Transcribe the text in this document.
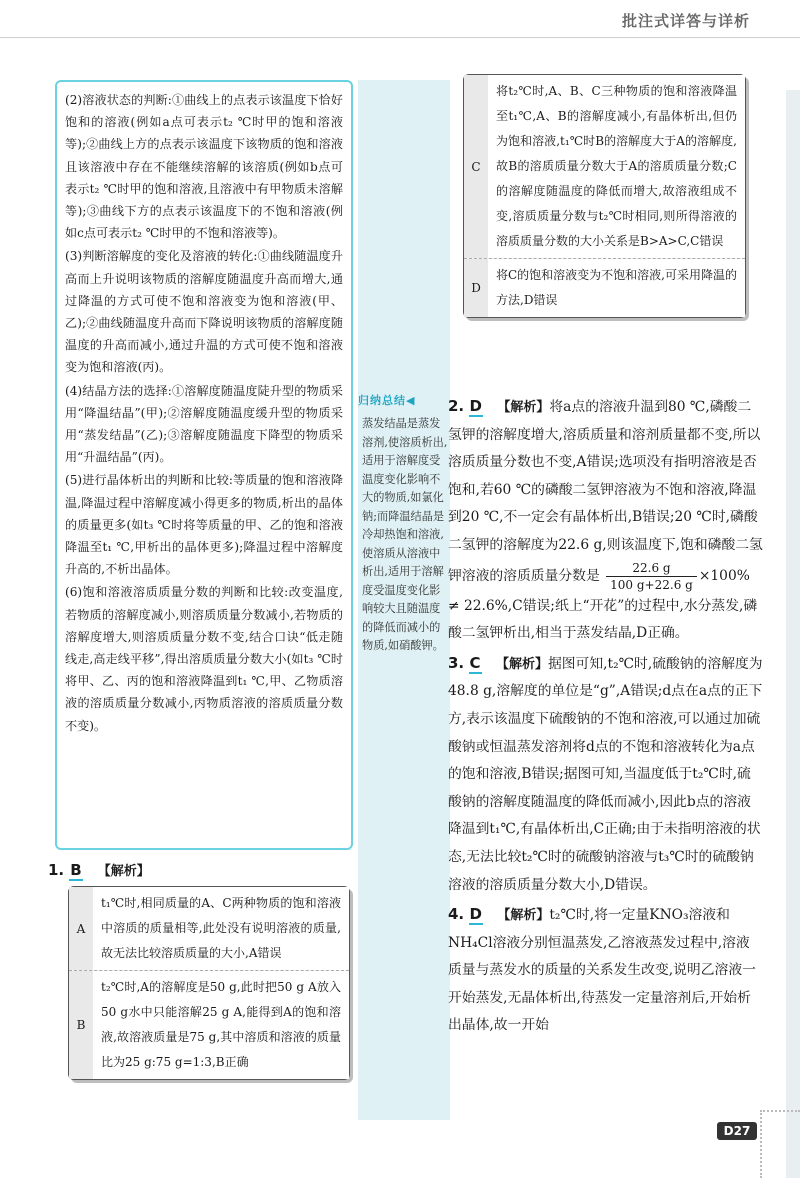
批注式详答与详析

(2)溶液状态的判断:①曲线上的点表示该温度下恰好饱和的溶液(例如a点可表示t₂ ℃时甲的饱和溶液等);②曲线上方的点表示该温度下该物质的饱和溶液且该溶液中存在不能继续溶解的该溶质(例如b点可表示t₂ ℃时甲的饱和溶液,且溶液中有甲物质未溶解等);③曲线下方的点表示该温度下的不饱和溶液(例如c点可表示t₂ ℃时甲的不饱和溶液等)。

(3)判断溶解度的变化及溶液的转化:①曲线随温度升高而上升说明该物质的溶解度随温度升高而增大,通过降温的方式可使不饱和溶液变为饱和溶液(甲、乙);②曲线随温度升高而下降说明该物质的溶解度随温度的升高而减小,通过升温的方式可使不饱和溶液变为饱和溶液(丙)。

(4)结晶方法的选择:①溶解度随温度陡升型的物质采用“降温结晶”(甲);②溶解度随温度缓升型的物质采用“蒸发结晶”(乙);③溶解度随温度下降型的物质采用“升温结晶”(丙)。

(5)进行晶体析出的判断和比较:等质量的饱和溶液降温,降温过程中溶解度减小得更多的物质,析出的晶体的质量更多(如t₃ ℃时将等质量的甲、乙的饱和溶液降温至t₁ ℃,甲析出的晶体更多);降温过程中溶解度升高的,不析出晶体。

(6)饱和溶液溶质质量分数的判断和比较:改变温度,若物质的溶解度减小,则溶质质量分数减小,若物质的溶解度增大,则溶质质量分数不变,结合口诀“低走随线走,高走线平移”,得出溶质质量分数大小(如t₃ ℃时将甲、乙、丙的饱和溶液降温到t₁ ℃,甲、乙物质溶液的溶质质量分数减小,丙物质溶液的溶质质量分数不变)。

归纳总结◀
蒸发结晶是蒸发溶剂,使溶质析出,适用于溶解度受温度变化影响不大的物质,如氯化钠;而降温结晶是冷却热饱和溶液,使溶质从溶液中析出,适用于溶解度受温度变化影响较大且随温度的降低而减小的物质,如硝酸钾。
1. B 【解析】
A
t₁℃时,相同质量的A、C两种物质的饱和溶液中溶质的质量相等,此处没有说明溶液的质量,故无法比较溶质质量的大小,A错误
B
t₂℃时,A的溶解度是50 g,此时把50 g A放入50 g水中只能溶解25 g A,能得到A的饱和溶液,故溶液质量是75 g,其中溶质和溶液的质量比为25 g:75 g=1:3,B正确
C
将t₂℃时,A、B、C三种物质的饱和溶液降温至t₁℃,A、B的溶解度减小,有晶体析出,但仍为饱和溶液,t₁℃时B的溶解度大于A的溶解度,故B的溶质质量分数大于A的溶质质量分数;C的溶解度随温度的降低而增大,故溶液组成不变,溶质质量分数与t₂℃时相同,则所得溶液的溶质质量分数的大小关系是B>A>C,C错误
D
将C的饱和溶液变为不饱和溶液,可采用降温的方法,D错误
2. D 【解析】将a点的溶液升温到80 ℃,磷酸二氢钾的溶解度增大,溶质质量和溶剂质量都不变,所以溶质质量分数也不变,A错误;选项没有指明溶液是否饱和,若60 ℃的磷酸二氢钾溶液为不饱和溶液,降温到20 ℃,不一定会有晶体析出,B错误;20 ℃时,磷酸二氢钾的溶解度为22.6 g,则该温度下,饱和磷酸二氢钾溶液的溶质质量分数是 $\frac{22.6 g}{100 g+22.6 g} \times 100\% \ne 22.6\%,C$错误;纸上“开花”的过程中,水分蒸发,磷酸二氢钾析出,相当于蒸发结晶,D正确。
3. C 【解析】据图可知,t₂℃时,硫酸钠的溶解度为48.8 g,溶解度的单位是“g”,A错误;d点在a点的正下方,表示该温度下硫酸钠的不饱和溶液,可以通过加硫酸钠或恒温蒸发溶剂将d点的不饱和溶液转化为a点的饱和溶液,B错误;据图可知,当温度低于t₂℃时,硫酸钠的溶解度随温度的降低而减小,因此b点的溶液降温到t₁℃,有晶体析出,C正确;由于未指明溶液的状态,无法比较t₂℃时的硫酸钠溶液与t₃℃时的硫酸钠溶液的溶质质量分数大小,D错误。
4. D 【解析】t₂℃时,将一定量KNO₃溶液和NH₄Cl溶液分别恒温蒸发,乙溶液蒸发过程中,溶液质量与蒸发水的质量的关系发生改变,说明乙溶液一开始蒸发,无晶体析出,待蒸发一定量溶剂后,开始析出晶体,故一开始
D27
